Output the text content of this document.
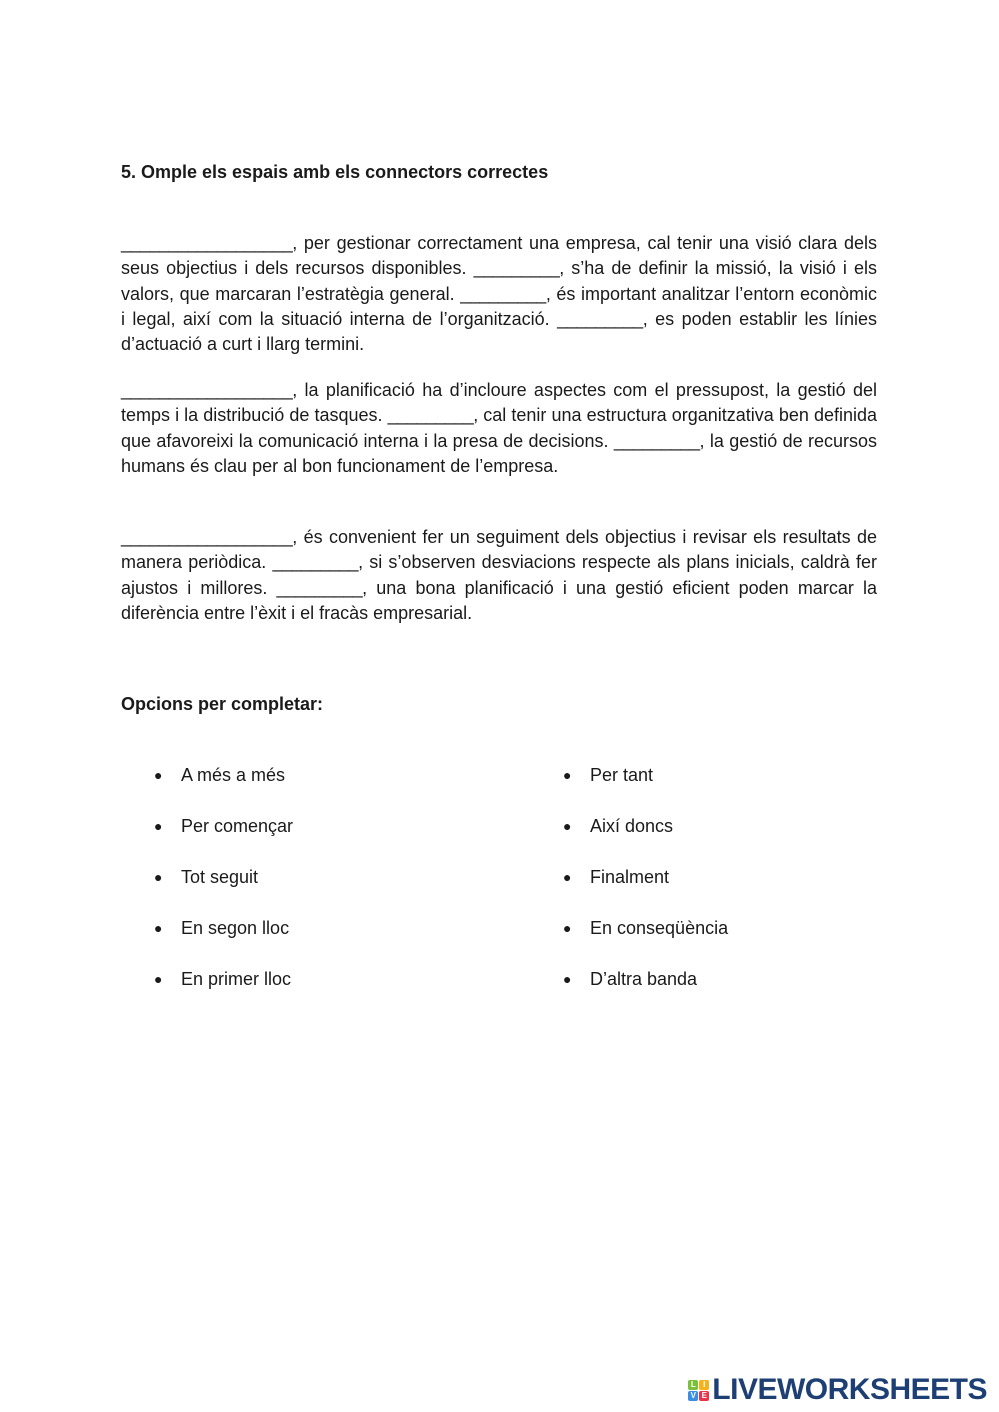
5. Omple els espais amb els connectors correctes
__________________, per gestionar correctament una empresa, cal tenir una visió clara dels seus objectius i dels recursos disponibles. _________, s’ha de definir la missió, la visió i els valors, que marcaran l’estratègia general. _________, és important analitzar l’entorn econòmic i legal, així com la situació interna de l’organització. _________, es poden establir les línies d’actuació a curt i llarg termini.
__________________, la planificació ha d’incloure aspectes com el pressupost, la gestió del temps i la distribució de tasques. _________, cal tenir una estructura organitzativa ben definida que afavoreixi la comunicació interna i la presa de decisions. _________, la gestió de recursos humans és clau per al bon funcionament de l’empresa.
__________________, és convenient fer un seguiment dels objectius i revisar els resultats de manera periòdica. _________, si s’observen desviacions respecte als plans inicials, caldrà fer ajustos i millores. _________, una bona planificació i una gestió eficient poden marcar la diferència entre l’èxit i el fracàs empresarial.
Opcions per completar:
● A més a més
● Per començar
● Tot seguit
● En segon lloc
● En primer lloc
● Per tant
● Així doncs
● Finalment
● En conseqüència
● D’altra banda
L I
V E LIVEWORKSHEETS
